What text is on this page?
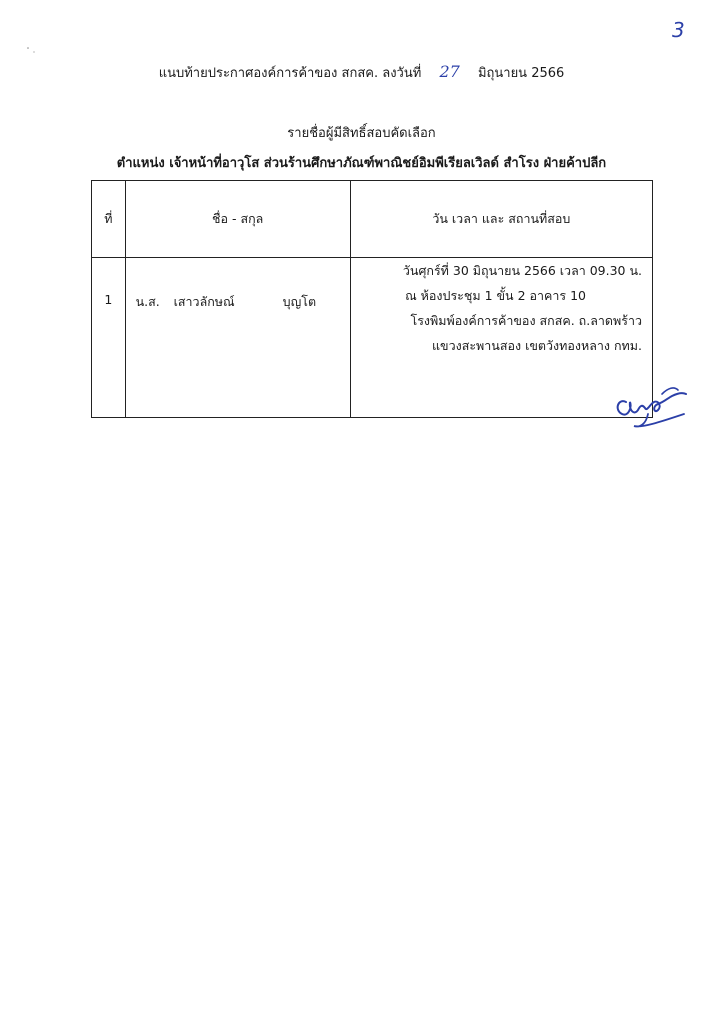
3
แนบท้ายประกาศองค์การค้าของ สกสค. ลงวันที่ 27 มิถุนายน 2566
รายชื่อผู้มีสิทธิ์สอบคัดเลือก
ตำแหน่ง เจ้าหน้าที่อาวุโส ส่วนร้านศึกษาภัณฑ์พาณิชย์อิมพีเรียลเวิลด์ สำโรง ฝ่ายค้าปลีก
ที่	ชื่อ - สกุล	วัน เวลา และ สถานที่สอบ
1	น.ส. เสาวลักษณ์ บุญโต	วันศุกร์ที่ 30 มิถุนายน 2566 เวลา 09.30 น.
ณ ห้องประชุม 1 ขั้น 2 อาคาร 10
โรงพิมพ์องค์การค้าของ สกสค. ถ.ลาดพร้าว
แขวงสะพานสอง เขตวังทองหลาง กทม.
